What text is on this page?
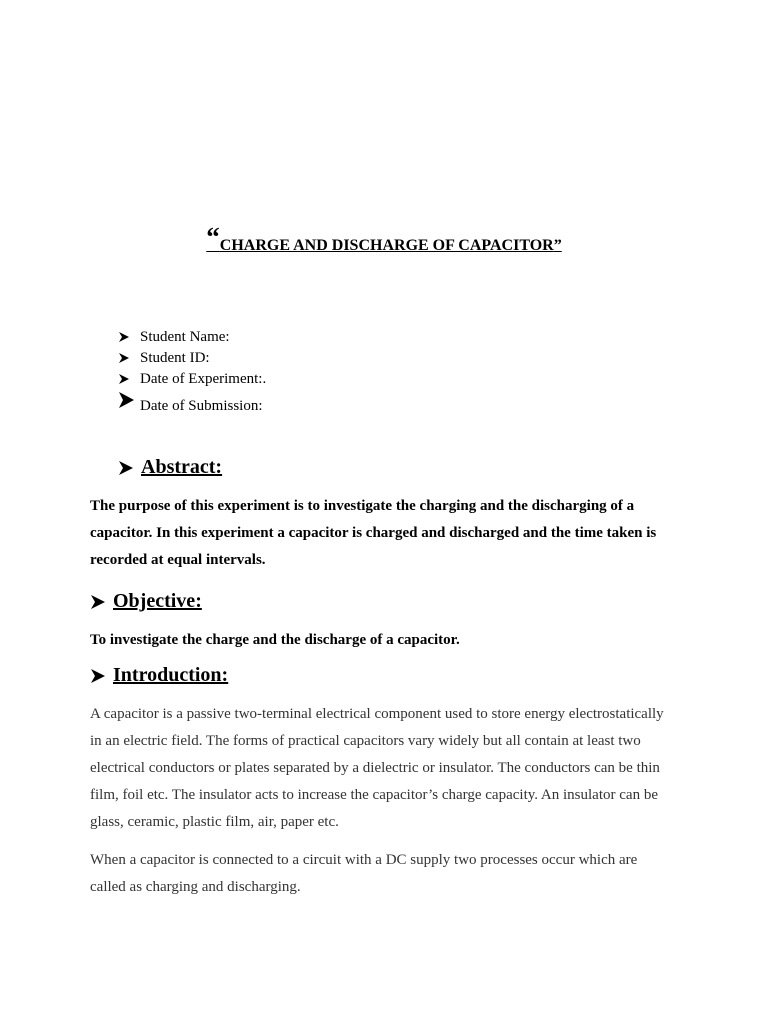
“CHARGE AND DISCHARGE OF CAPACITOR”
Student Name:
Student ID:
Date of Experiment:.
Date of Submission:
Abstract:

The purpose of this experiment is to investigate the charging and the discharging of a capacitor. In this experiment a capacitor is charged and discharged and the time taken is recorded at equal intervals.

Objective:

To investigate the charge and the discharge of a capacitor.

Introduction:

A capacitor is a passive two-terminal electrical component used to store energy electrostatically in an electric field. The forms of practical capacitors vary widely but all contain at least two electrical conductors or plates separated by a dielectric or insulator. The conductors can be thin film, foil etc. The insulator acts to increase the capacitor’s charge capacity. An insulator can be glass, ceramic, plastic film, air, paper etc.

When a capacitor is connected to a circuit with a DC supply two processes occur which are called as charging and discharging.
